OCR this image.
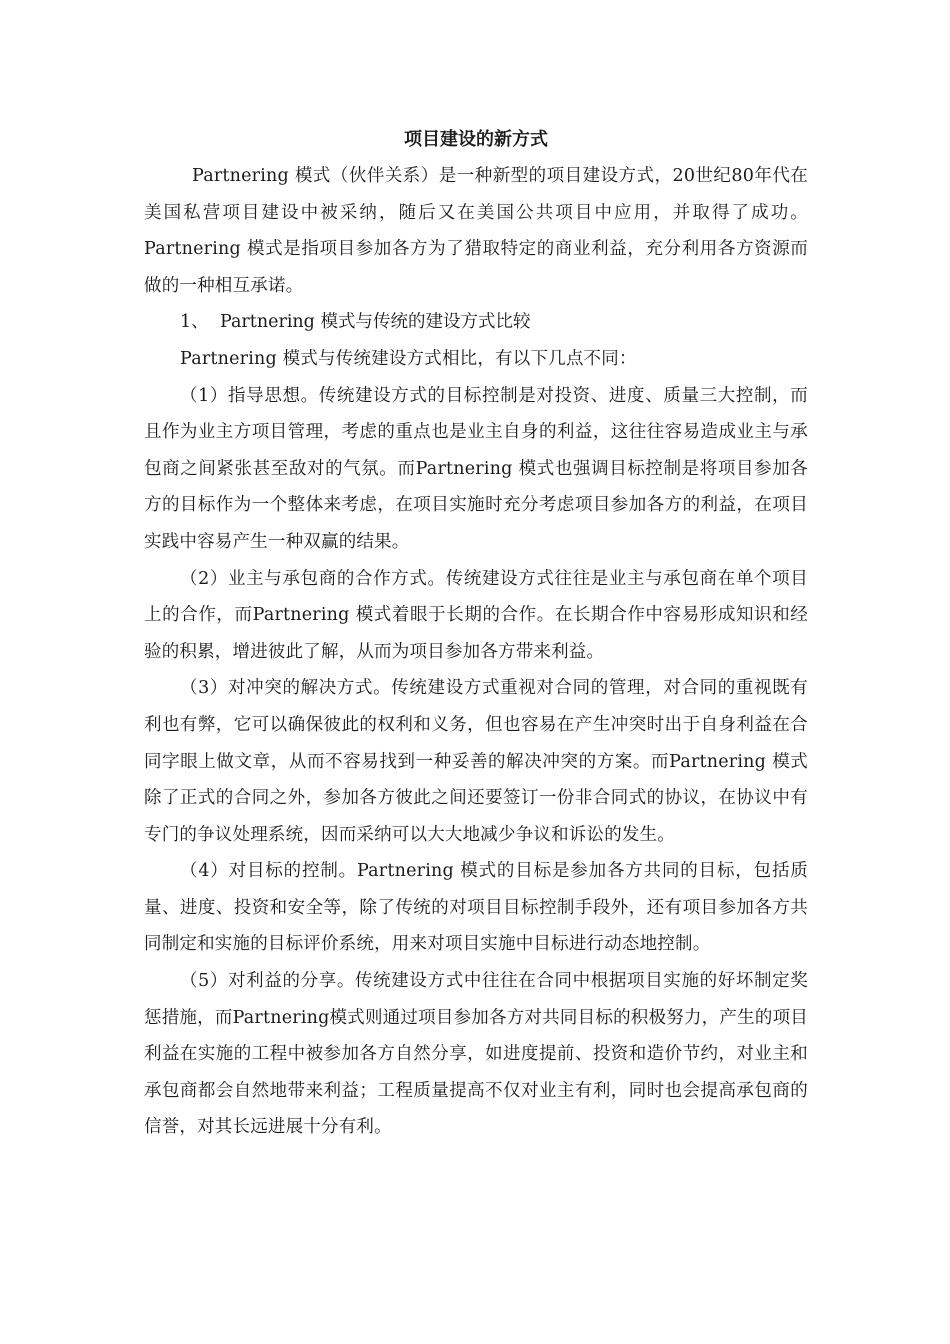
项目建设的新方式

Partnering 模式（伙伴关系）是一种新型的项目建设方式，20世纪80年代在美国私营项目建设中被采纳，随后又在美国公共项目中应用，并取得了成功。Partnering 模式是指项目参加各方为了猎取特定的商业利益，充分利用各方资源而做的一种相互承诺。

1、 Partnering 模式与传统的建设方式比较

Partnering 模式与传统建设方式相比，有以下几点不同：

（1）指导思想。传统建设方式的目标控制是对投资、进度、质量三大控制，而且作为业主方项目管理，考虑的重点也是业主自身的利益，这往往容易造成业主与承包商之间紧张甚至敌对的气氛。而Partnering 模式也强调目标控制是将项目参加各方的目标作为一个整体来考虑，在项目实施时充分考虑项目参加各方的利益，在项目实践中容易产生一种双赢的结果。

（2）业主与承包商的合作方式。传统建设方式往往是业主与承包商在单个项目上的合作，而Partnering 模式着眼于长期的合作。在长期合作中容易形成知识和经验的积累，增进彼此了解，从而为项目参加各方带来利益。

（3）对冲突的解决方式。传统建设方式重视对合同的管理，对合同的重视既有利也有弊，它可以确保彼此的权利和义务，但也容易在产生冲突时出于自身利益在合同字眼上做文章，从而不容易找到一种妥善的解决冲突的方案。而Partnering 模式除了正式的合同之外，参加各方彼此之间还要签订一份非合同式的协议，在协议中有专门的争议处理系统，因而采纳可以大大地减少争议和诉讼的发生。

（4）对目标的控制。Partnering 模式的目标是参加各方共同的目标，包括质量、进度、投资和安全等，除了传统的对项目目标控制手段外，还有项目参加各方共同制定和实施的目标评价系统，用来对项目实施中目标进行动态地控制。

（5）对利益的分享。传统建设方式中往往在合同中根据项目实施的好坏制定奖惩措施，而Partnering模式则通过项目参加各方对共同目标的积极努力，产生的项目利益在实施的工程中被参加各方自然分享，如进度提前、投资和造价节约，对业主和承包商都会自然地带来利益；工程质量提高不仅对业主有利，同时也会提高承包商的信誉，对其长远进展十分有利。
